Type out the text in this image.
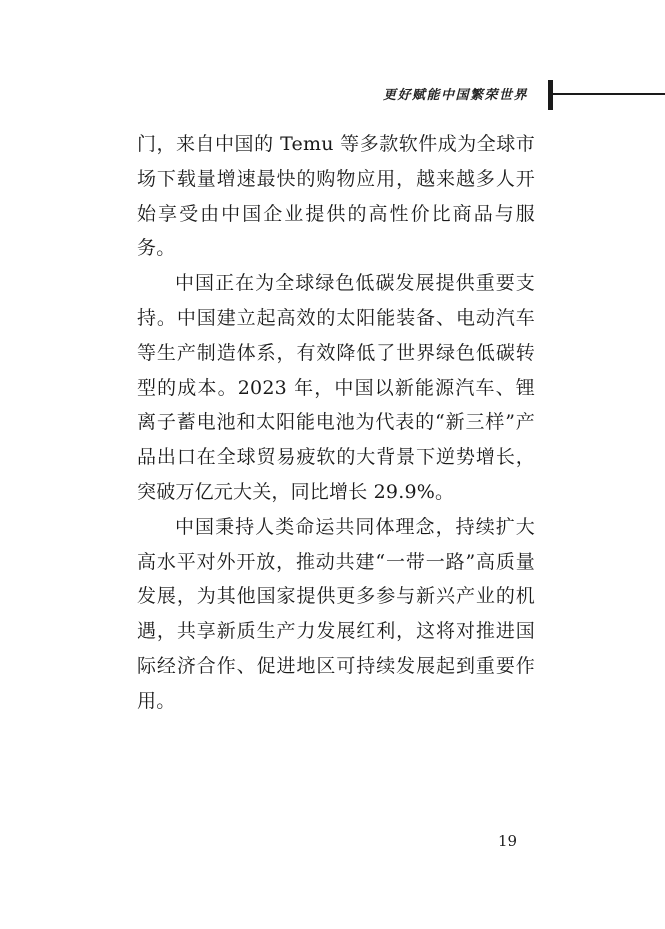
更好赋能中国繁荣世界

门，来自中国的 Temu 等多款软件成为全球市场下载量增速最快的购物应用，越来越多人开始享受由中国企业提供的高性价比商品与服务。

中国正在为全球绿色低碳发展提供重要支持。中国建立起高效的太阳能装备、电动汽车等生产制造体系，有效降低了世界绿色低碳转型的成本。2023 年，中国以新能源汽车、锂离子蓄电池和太阳能电池为代表的“新三样”产品出口在全球贸易疲软的大背景下逆势增长，突破万亿元大关，同比增长 29.9%。

中国秉持人类命运共同体理念，持续扩大高水平对外开放，推动共建“一带一路”高质量发展，为其他国家提供更多参与新兴产业的机遇，共享新质生产力发展红利，这将对推进国际经济合作、促进地区可持续发展起到重要作用。

19
